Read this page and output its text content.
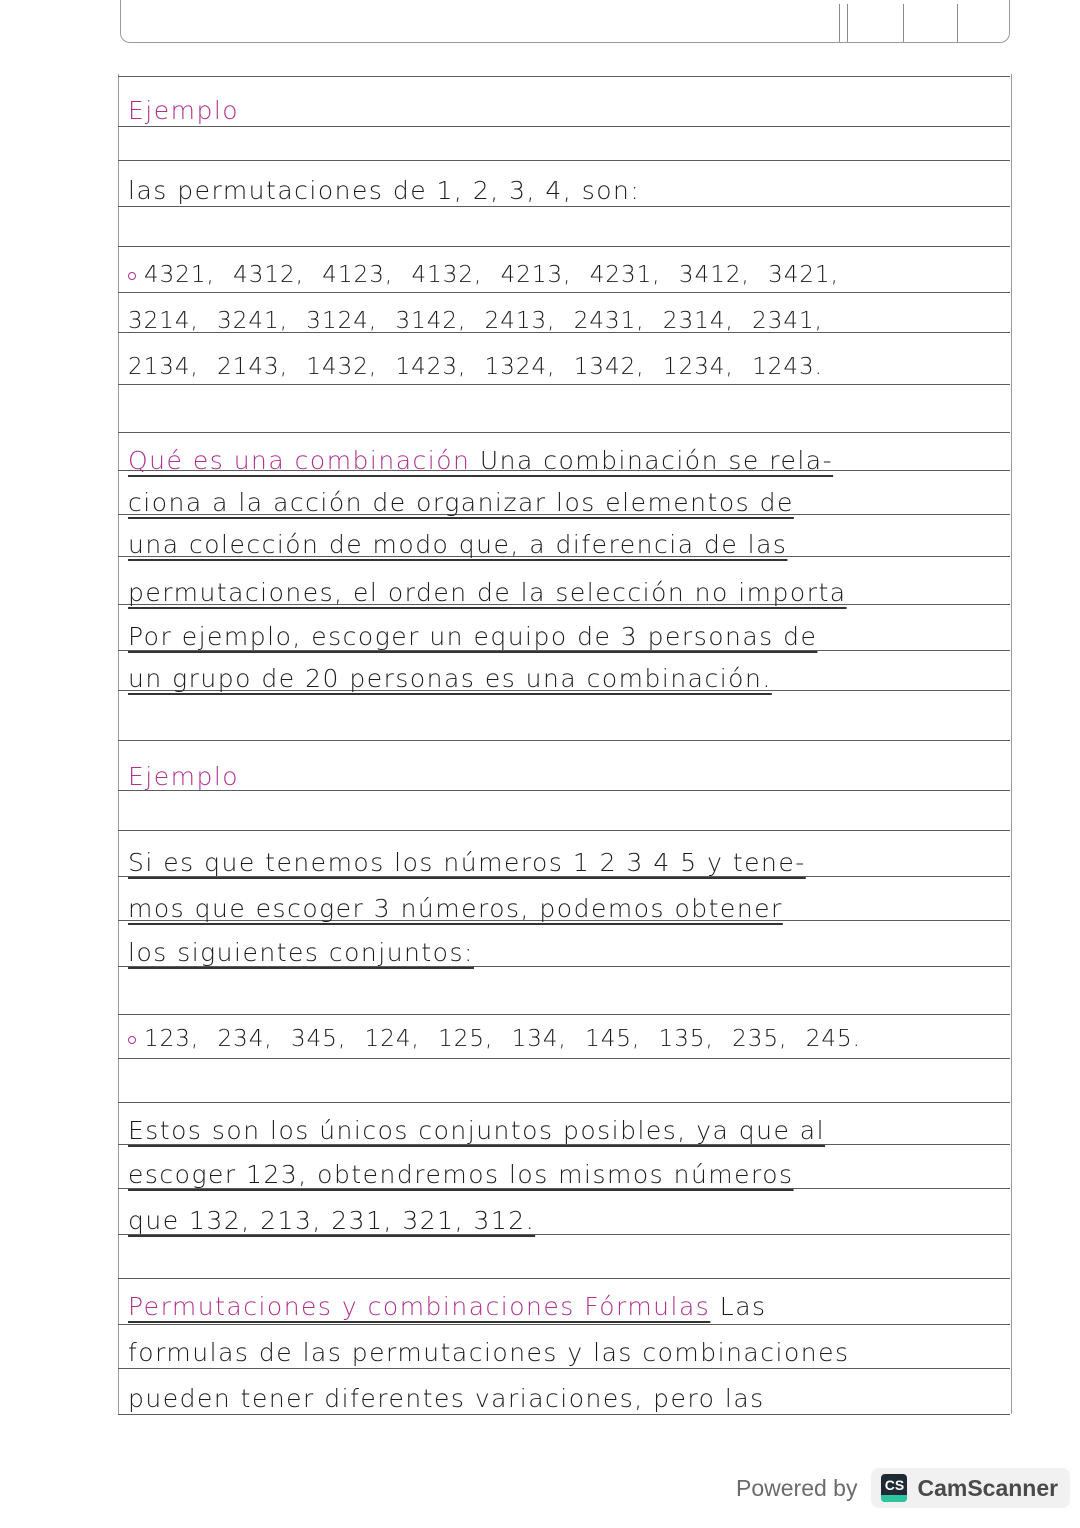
Ejemplo
las permutaciones de 1, 2, 3, 4, son:
4321, 4312, 4123, 4132, 4213, 4231, 3412, 3421,
3214, 3241, 3124, 3142, 2413, 2431, 2314, 2341,
2134, 2143, 1432, 1423, 1324, 1342, 1234, 1243.
Qué es una combinación Una combinación se rela-
ciona a la acción de organizar los elementos de
una colección de modo que, a diferencia de las
permutaciones, el orden de la selección no importa
Por ejemplo, escoger un equipo de 3 personas de
un grupo de 20 personas es una combinación.
Ejemplo
Si es que tenemos los números 1 2 3 4 5 y tene-
mos que escoger 3 números, podemos obtener
los siguientes conjuntos:
123, 234, 345, 124, 125, 134, 145, 135, 235, 245.
Estos son los únicos conjuntos posibles, ya que al
escoger 123, obtendremos los mismos números
que 132, 213, 231, 321, 312.
Permutaciones y combinaciones Fórmulas Las
formulas de las permutaciones y las combinaciones
pueden tener diferentes variaciones, pero las
Powered by CS CamScanner
